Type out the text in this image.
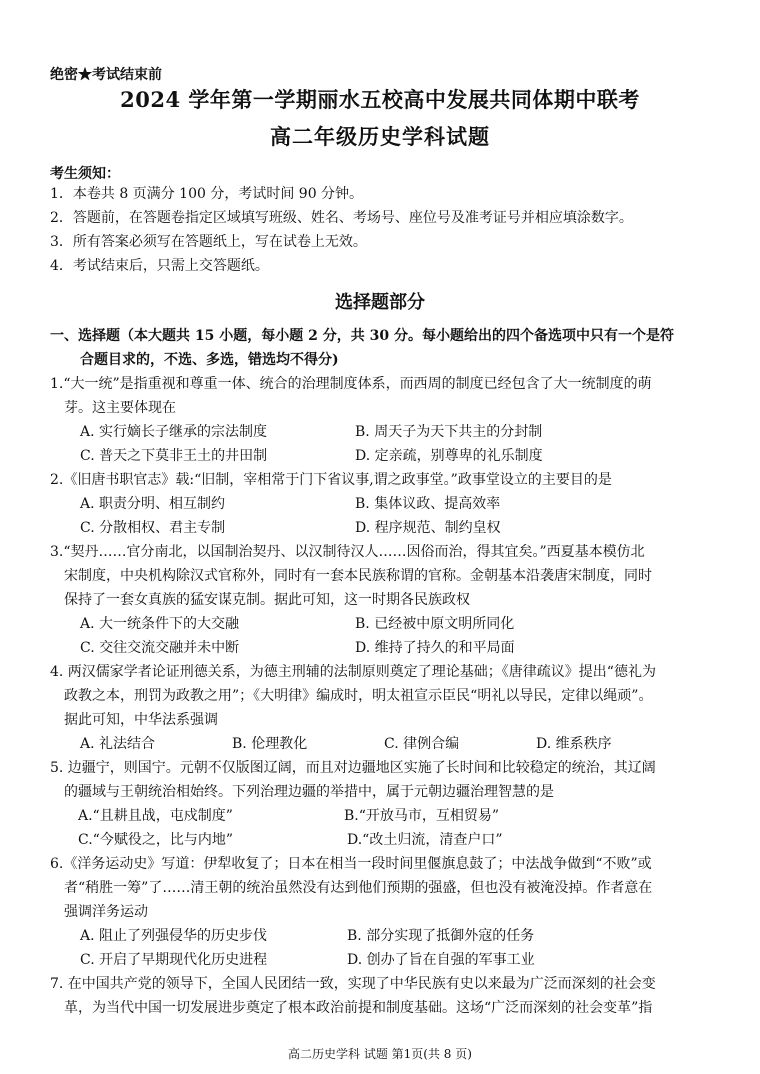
绝密★考试结束前
2024 学年第一学期丽水五校高中发展共同体期中联考
高二年级历史学科试题
考生须知：
1．本卷共 8 页满分 100 分，考试时间 90 分钟。
2．答题前，在答题卷指定区域填写班级、姓名、考场号、座位号及准考证号并相应填涂数字。
3．所有答案必须写在答题纸上，写在试卷上无效。
4．考试结束后，只需上交答题纸。
选择题部分
一、选择题（本大题共 15 小题，每小题 2 分，共 30 分。每小题给出的四个备选项中只有一个是符
合题目求的，不选、多选，错选均不得分)
1.“大一统”是指重视和尊重一体、统合的治理制度体系，而西周的制度已经包含了大一统制度的萌
芽。这主要体现在
A. 实行嫡长子继承的宗法制度	B. 周天子为天下共主的分封制
C. 普天之下莫非王土的井田制	D. 定亲疏，别尊卑的礼乐制度
2.《旧唐书职官志》载:“旧制，宰相常于门下省议事,谓之政事堂。”政事堂设立的主要目的是
A. 职责分明、相互制约	B. 集体议政、提高效率
C. 分散相权、君主专制	D. 程序规范、制约皇权
3.“契丹……官分南北，以国制治契丹、以汉制待汉人……因俗而治，得其宜矣。”西夏基本模仿北
宋制度，中央机构除汉式官称外，同时有一套本民族称谓的官称。金朝基本沿袭唐宋制度，同时
保持了一套女真族的猛安谋克制。据此可知，这一时期各民族政权
A. 大一统条件下的大交融	B. 已经被中原文明所同化
C. 交往交流交融并未中断	D. 维持了持久的和平局面
4. 两汉儒家学者论证刑德关系，为德主刑辅的法制原则奠定了理论基础；《唐律疏议》提出“德礼为
政教之本，刑罚为政教之用”；《大明律》编成时，明太祖宣示臣民“明礼以导民，定律以绳顽”。
据此可知，中华法系强调
A. 礼法结合	B. 伦理教化	C. 律例合编	D. 维系秩序
5. 边疆宁，则国宁。元朝不仅版图辽阔，而且对边疆地区实施了长时间和比较稳定的统治，其辽阔
的疆域与王朝统治相始终。下列治理边疆的举措中，属于元朝边疆治理智慧的是
A.“且耕且战，屯戍制度”	B.“开放马市，互相贸易”
C.“今赋役之，比与内地”	D.“改土归流，清查户口”
6.《洋务运动史》写道：伊犁收复了；日本在相当一段时间里偃旗息鼓了；中法战争做到“不败”或
者“稍胜一筹”了……清王朝的统治虽然没有达到他们预期的强盛，但也没有被淹没掉。作者意在
强调洋务运动
A. 阻止了列强侵华的历史步伐	B. 部分实现了抵御外寇的任务
C. 开启了早期现代化历史进程	D. 创办了旨在自强的军事工业
7. 在中国共产党的领导下，全国人民团结一致，实现了中华民族有史以来最为广泛而深刻的社会变
革，为当代中国一切发展进步奠定了根本政治前提和制度基础。这场“广泛而深刻的社会变革”指
高二历史学科 试题 第1页(共 8 页)
